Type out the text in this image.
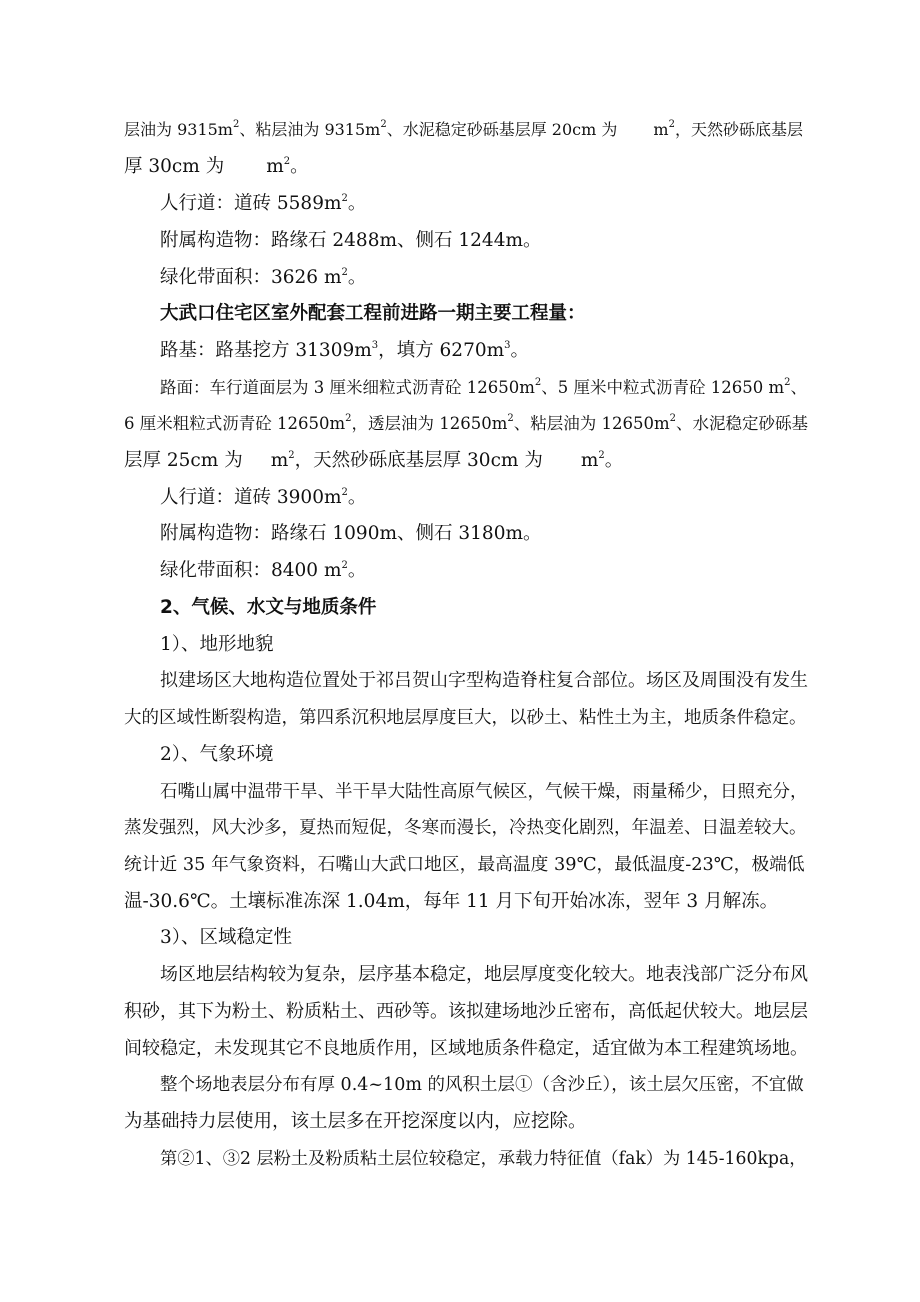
层油为 $9315m^2$、粘层油为 $9315m^2$、水泥稳定砂砾基层厚 20cm 为 $m^2$，天然砂砾底基层
厚 30cm 为 $m^2$。
人行道：道砖 $5589m^2$。
附属构造物：路缘石 2488m、侧石 1244m。
绿化带面积：3626 $m^2$。
大武口住宅区室外配套工程前进路一期主要工程量：
路基：路基挖方 $31309m^3$，填方 $6270m^3$。
路面：车行道面层为 3 厘米细粒式沥青砼 $12650m^2$、5 厘米中粒式沥青砼 12650 $m^2$、
6 厘米粗粒式沥青砼 $12650m^2$，透层油为 $12650m^2$、粘层油为 $12650m^2$、水泥稳定砂砾基
层厚 25cm 为 $m^2$，天然砂砾底基层厚 30cm 为 $m^2$。
人行道：道砖 $3900m^2$。
附属构造物：路缘石 1090m、侧石 3180m。
绿化带面积：8400 $m^2$。
2、气候、水文与地质条件
1）、地形地貌
拟建场区大地构造位置处于祁吕贺山字型构造脊柱复合部位。场区及周围没有发生
大的区域性断裂构造，第四系沉积地层厚度巨大，以砂土、粘性土为主，地质条件稳定。
2）、气象环境
石嘴山属中温带干旱、半干旱大陆性高原气候区，气候干燥，雨量稀少，日照充分，
蒸发强烈，风大沙多，夏热而短促，冬寒而漫长，冷热变化剧烈，年温差、日温差较大。
统计近 35 年气象资料，石嘴山大武口地区，最高温度 39℃，最低温度-23℃，极端低
温-30.6℃。土壤标准冻深 1.04m，每年 11 月下旬开始冰冻，翌年 3 月解冻。
3）、区域稳定性
场区地层结构较为复杂，层序基本稳定，地层厚度变化较大。地表浅部广泛分布风
积砂，其下为粉土、粉质粘土、西砂等。该拟建场地沙丘密布，高低起伏较大。地层层
间较稳定，未发现其它不良地质作用，区域地质条件稳定，适宜做为本工程建筑场地。
整个场地表层分布有厚 0.4~10m 的风积土层①（含沙丘），该土层欠压密，不宜做
为基础持力层使用，该土层多在开挖深度以内，应挖除。
第②1、③2 层粉土及粉质粘土层位较稳定，承载力特征值（fak）为 145-160kpa，
